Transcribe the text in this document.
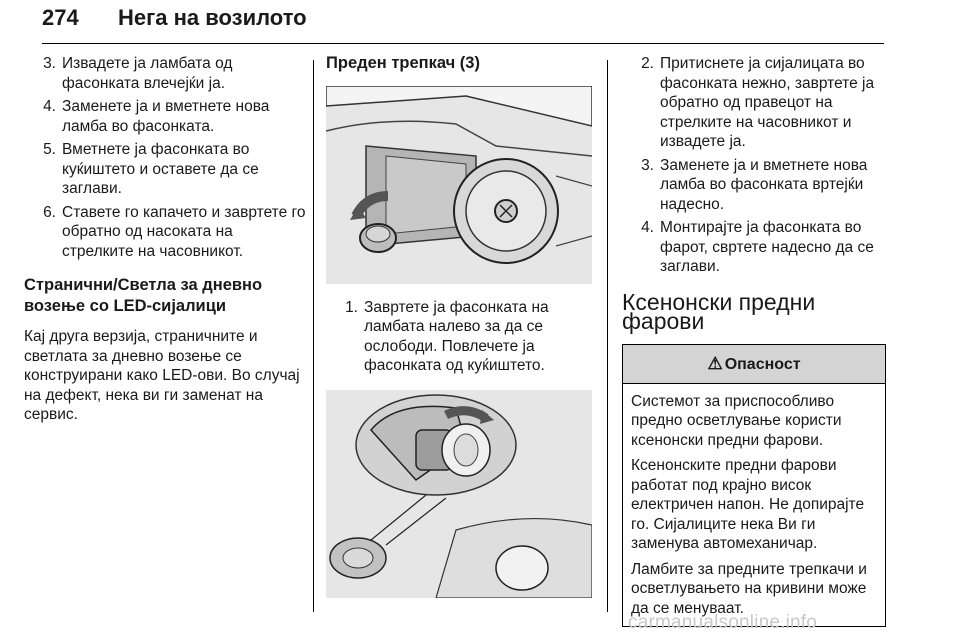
274 Нега на возилото
3. Извадете ја ламбата од фасонката влечејќи ја.
4. Заменете ја и вметнете нова ламба во фасонката.
5. Вметнете ја фасонката во куќиштето и оставете да се заглави.
6. Ставете го капачето и завртете го обратно од насоката на стрелките на часовникот.
Странични/Светла за дневно возење со LED-сијалици

Кај друга верзија, страничните и светлата за дневно возење се конструирани како LED-ови. Во случај на дефект, нека ви ги заменат на сервис.

Преден трепкач (3)
1. Завртете ја фасонката на ламбата налево за да се ослободи. Повлечете ја фасонката од куќиштето.
2. Притиснете ја сијалицата во фасонката нежно, завртете ја обратно од правецот на стрелките на часовникот и извадете ја.
3. Заменете ја и вметнете нова ламба во фасонката вртејќи надесно.
4. Монтирајте ја фасонката во фарот, свртете надесно да се заглави.
Ксенонски предни фарови
⚠ Опасност

Системот за приспособливо предно осветлување користи ксенонски предни фарови.

Ксенонските предни фарови работат под крајно висок електричен напон. Не допирајте го. Сијалиците нека Ви ги заменува автомеханичар.

Ламбите за предните трепкачи и осветлувањето на кривини може да се менуваат.

carmanualsonline.info
